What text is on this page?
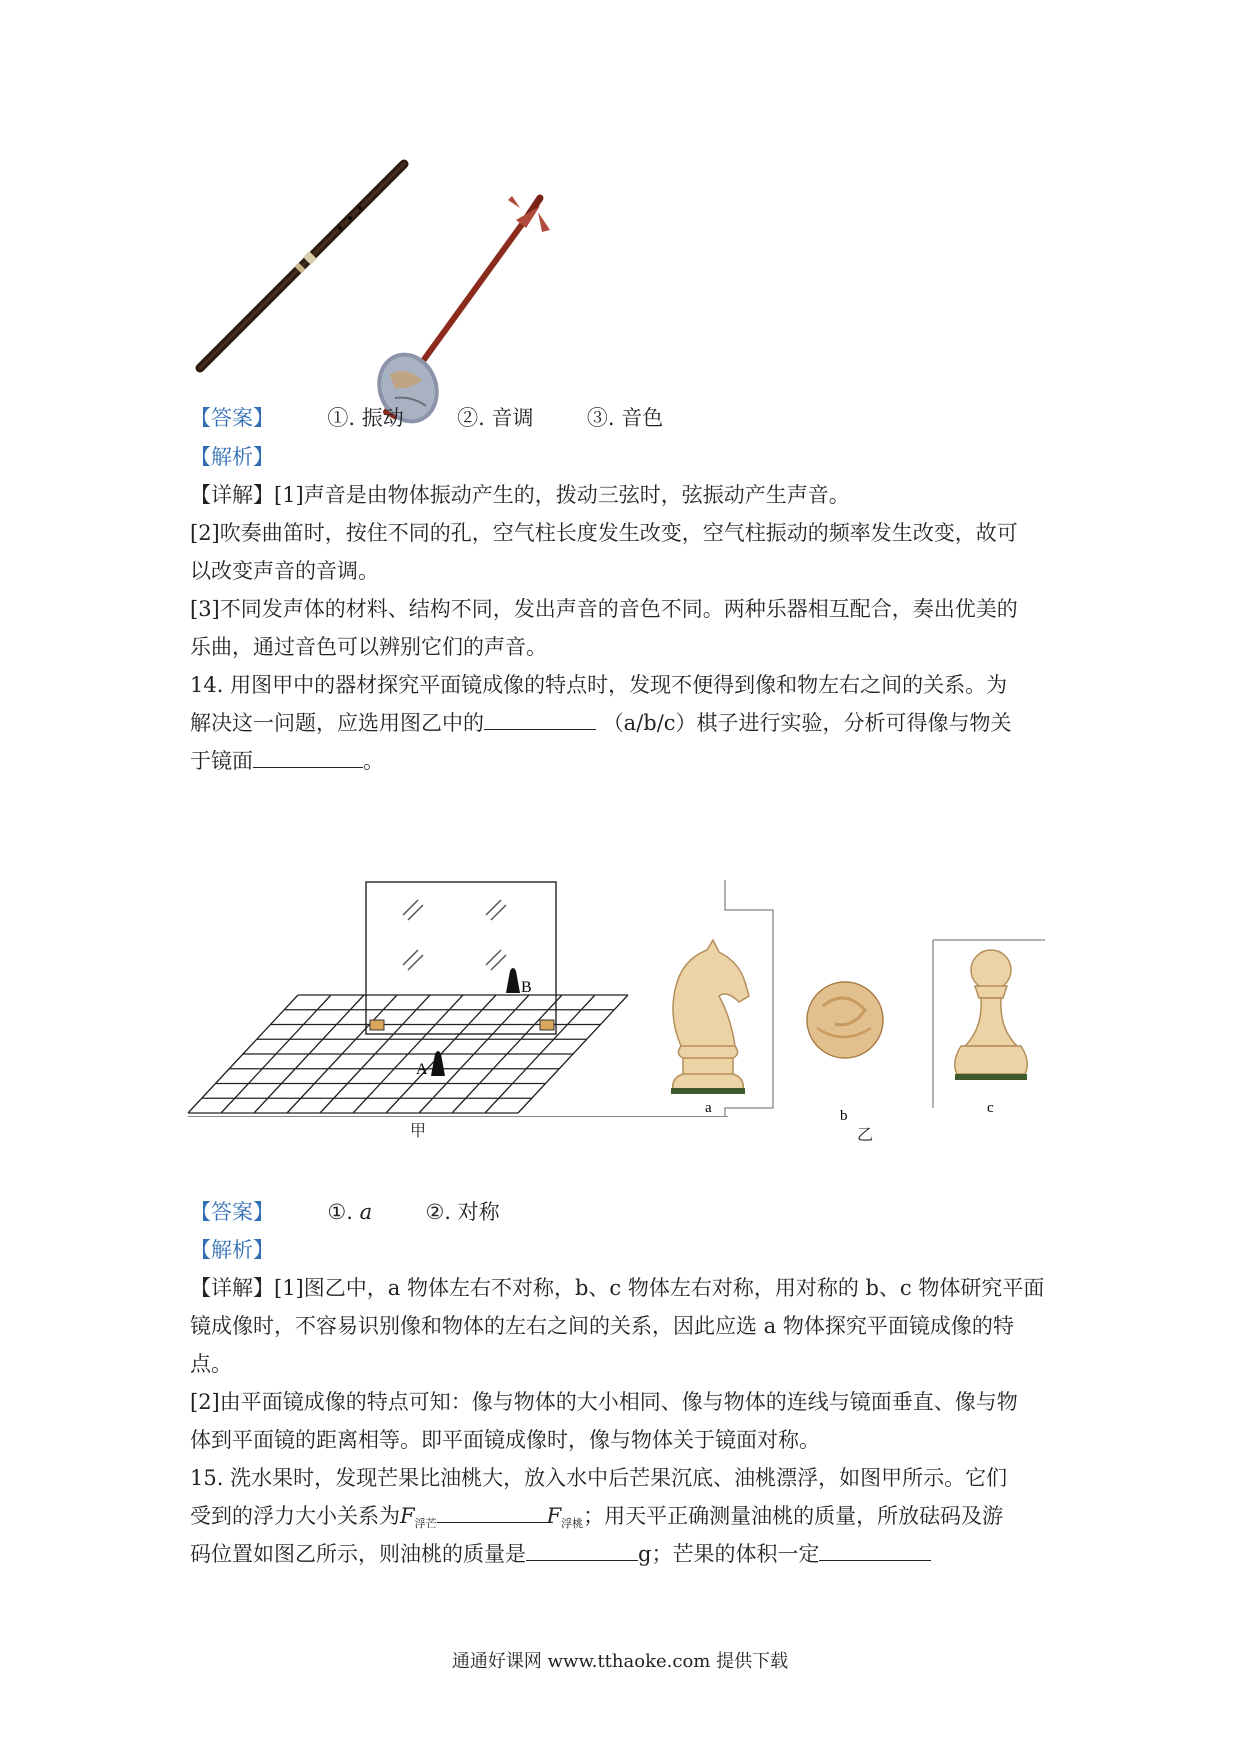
【答案】	①. 振动	②. 音调	③. 音色
【解析】
【详解】[1]声音是由物体振动产生的，拨动三弦时，弦振动产生声音。
[2]吹奏曲笛时，按住不同的孔，空气柱长度发生改变，空气柱振动的频率发生改变，故可
以改变声音的音调。
[3]不同发声体的材料、结构不同，发出声音的音色不同。两种乐器相互配合，奏出优美的
乐曲，通过音色可以辨别它们的声音。
14. 用图甲中的器材探究平面镜成像的特点时，发现不便得到像和物左右之间的关系。为
解决这一问题，应选用图乙中的	（a/b/c）棋子进行实验，分析可得像与物关
于镜面	。
A
B
甲
a	b	c
乙
【答案】	①. a	②. 对称
【解析】
【详解】[1]图乙中，a 物体左右不对称，b、c 物体左右对称，用对称的 b、c 物体研究平面
镜成像时，不容易识别像和物体的左右之间的关系，因此应选 a 物体探究平面镜成像的特
点。
[2]由平面镜成像的特点可知：像与物体的大小相同、像与物体的连线与镜面垂直、像与物
体到平面镜的距离相等。即平面镜成像时，像与物体关于镜面对称。
15. 洗水果时，发现芒果比油桃大，放入水中后芒果沉底、油桃漂浮，如图甲所示。它们
受到的浮力大小关系为$F_{浮芒}$	$F_{浮桃}$；用天平正确测量油桃的质量，所放砝码及游
码位置如图乙所示，则油桃的质量是	g；芒果的体积一定
通通好课网 www.tthaoke.com 提供下载
